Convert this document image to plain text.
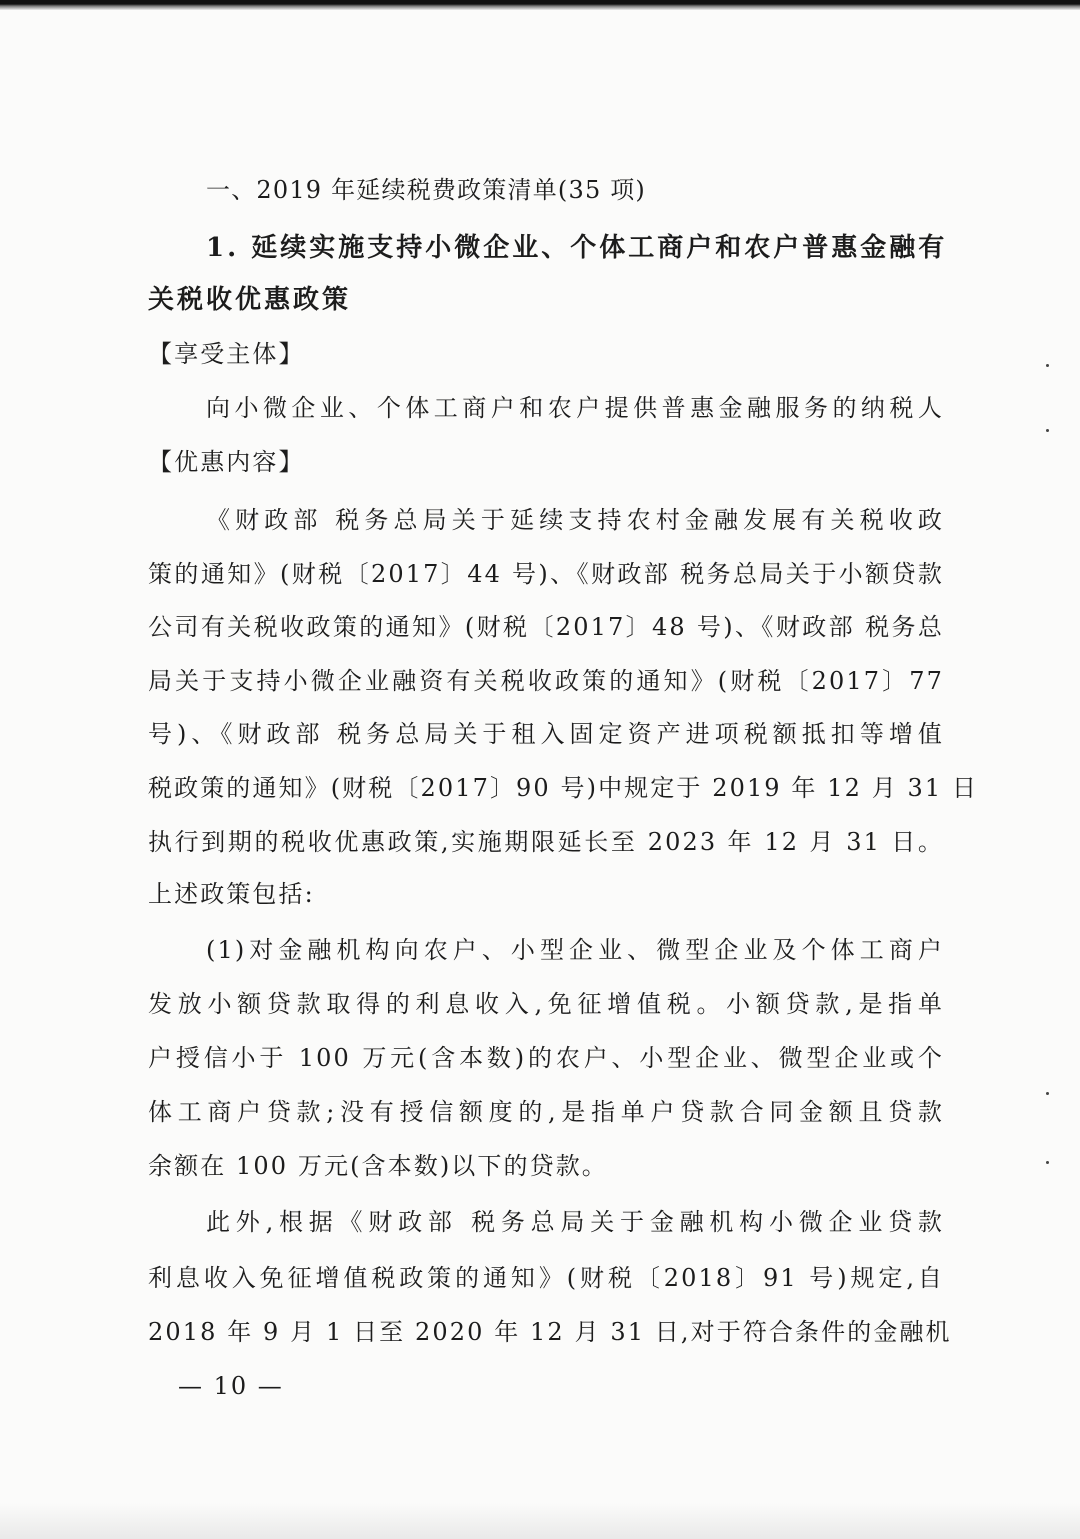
一、2019 年延续税费政策清单(35 项)
1. 延续实施支持小微企业、个体工商户和农户普惠金融有
关税收优惠政策
【享受主体】
向小微企业、个体工商户和农户提供普惠金融服务的纳税人
【优惠内容】
《财政部 税务总局关于延续支持农村金融发展有关税收政
策的通知》(财税〔2017〕44 号)、《财政部 税务总局关于小额贷款
公司有关税收政策的通知》(财税〔2017〕48 号)、《财政部 税务总
局关于支持小微企业融资有关税收政策的通知》(财税〔2017〕77
号)、《财政部 税务总局关于租入固定资产进项税额抵扣等增值
税政策的通知》(财税〔2017〕90 号)中规定于 2019 年 12 月 31 日
执行到期的税收优惠政策,实施期限延长至 2023 年 12 月 31 日。
上述政策包括:
(1)对金融机构向农户、小型企业、微型企业及个体工商户
发放小额贷款取得的利息收入,免征增值税。小额贷款,是指单
户授信小于 100 万元(含本数)的农户、小型企业、微型企业或个
体工商户贷款;没有授信额度的,是指单户贷款合同金额且贷款
余额在 100 万元(含本数)以下的贷款。
此外,根据《财政部 税务总局关于金融机构小微企业贷款
利息收入免征增值税政策的通知》(财税〔2018〕91 号)规定,自
2018 年 9 月 1 日至 2020 年 12 月 31 日,对于符合条件的金融机
— 10 —
